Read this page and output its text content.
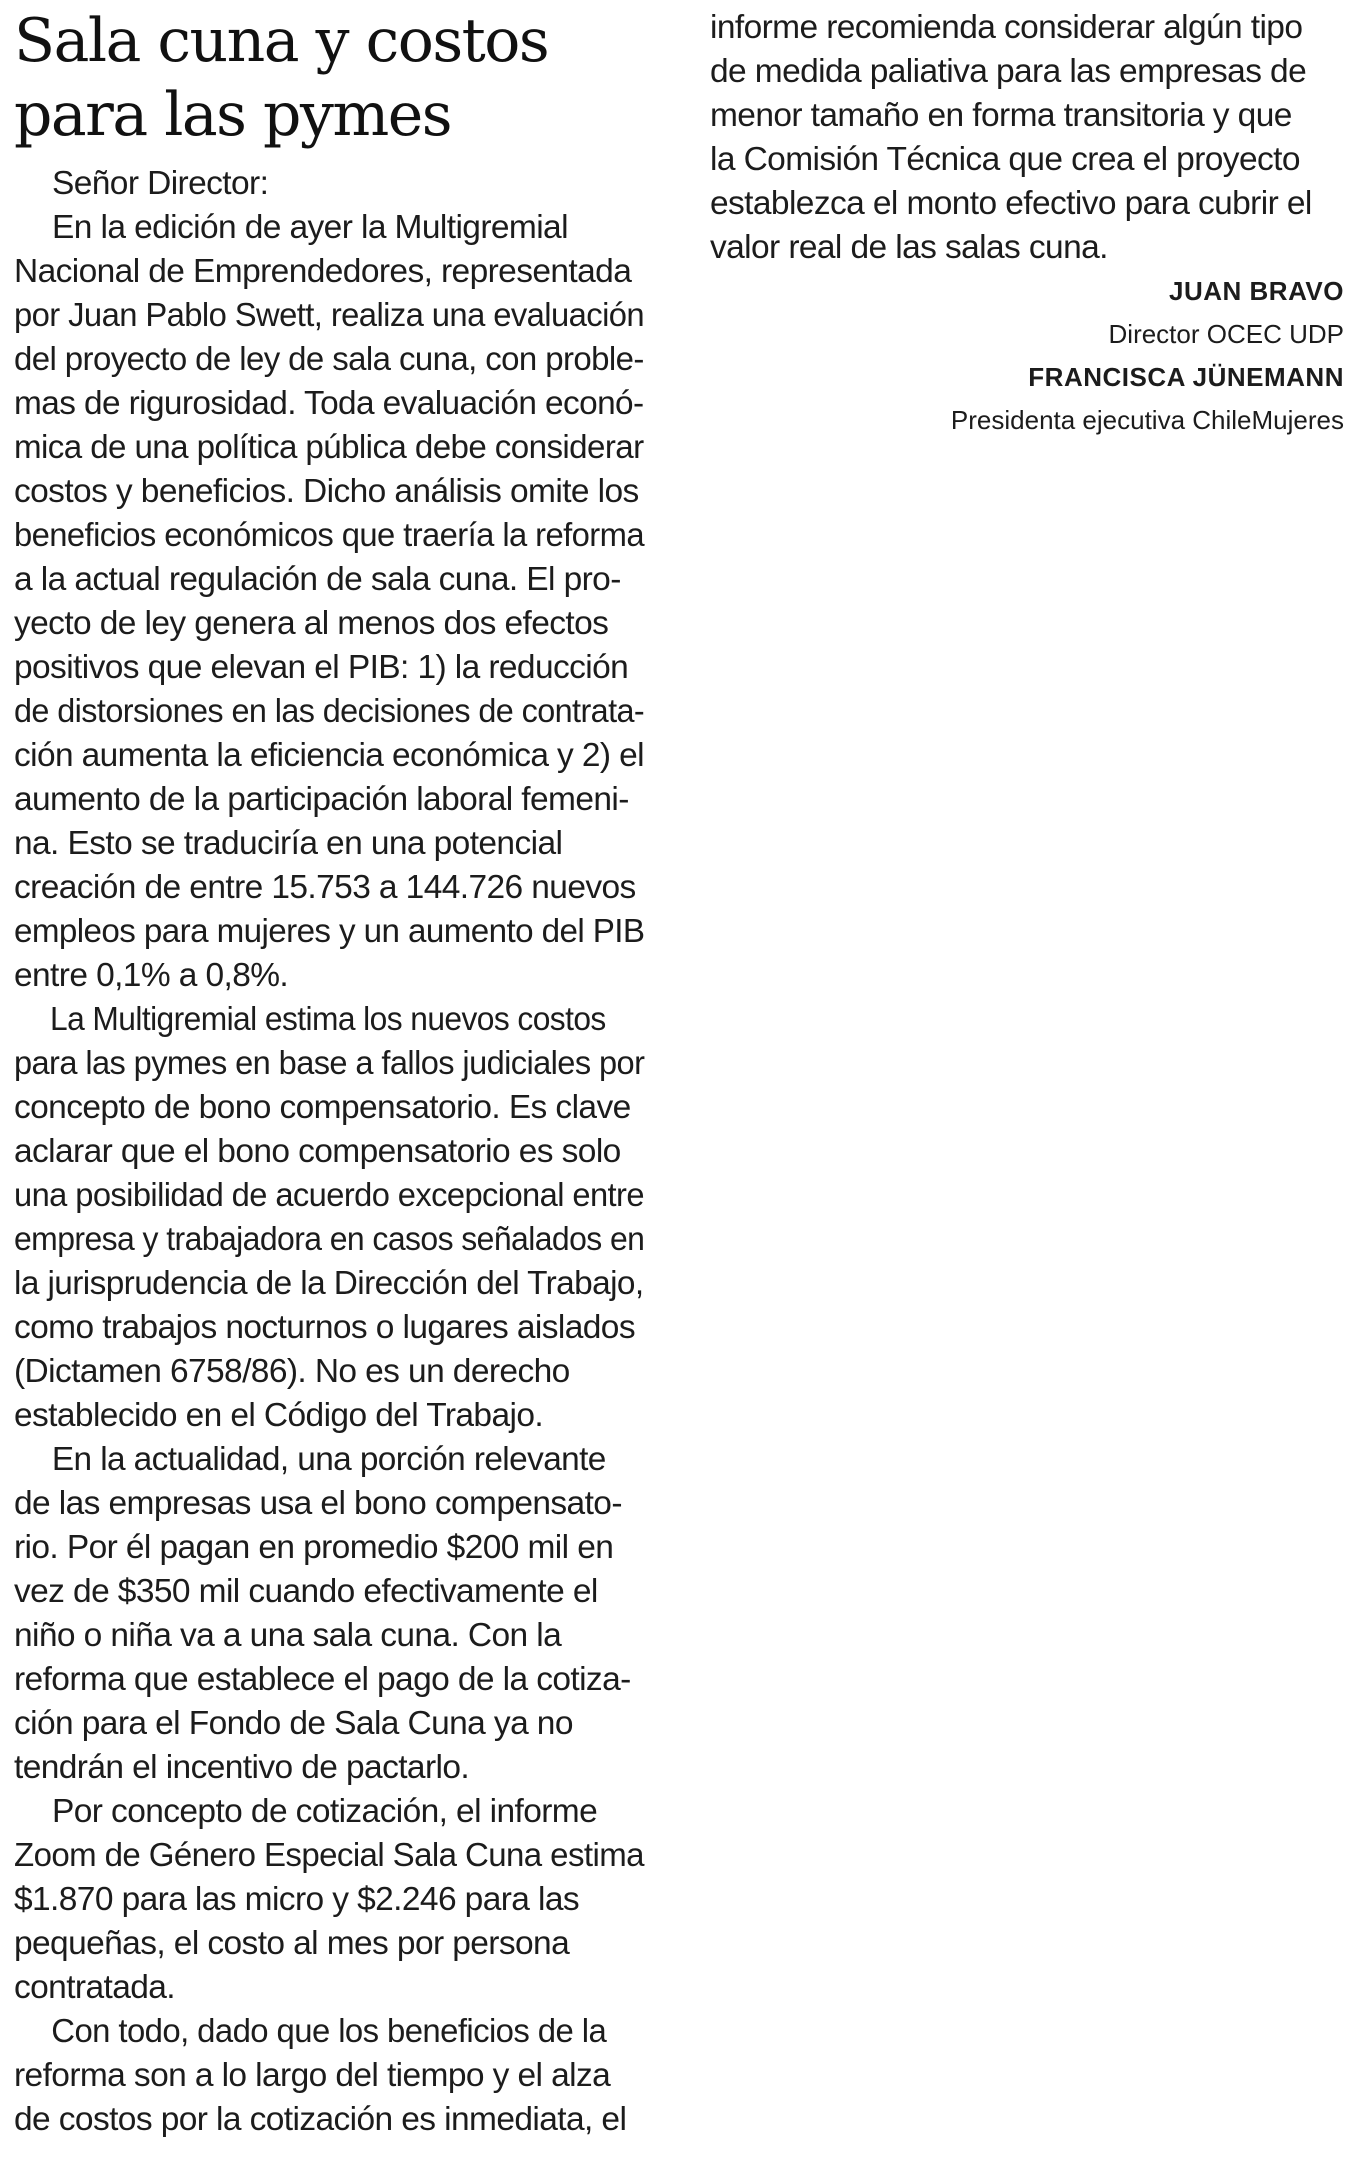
Sala cuna y costos
para las pymes

Señor Director:

En la edición de ayer la Multigremial
Nacional de Emprendedores, representada
por Juan Pablo Swett, realiza una evaluación
del proyecto de ley de sala cuna, con proble-
mas de rigurosidad. Toda evaluación econó-
mica de una política pública debe considerar
costos y beneficios. Dicho análisis omite los
beneficios económicos que traería la reforma
a la actual regulación de sala cuna. El pro-
yecto de ley genera al menos dos efectos
positivos que elevan el PIB: 1) la reducción
de distorsiones en las decisiones de contrata-
ción aumenta la eficiencia económica y 2) el
aumento de la participación laboral femeni-
na. Esto se traduciría en una potencial
creación de entre 15.753 a 144.726 nuevos
empleos para mujeres y un aumento del PIB
entre 0,1% a 0,8%.

La Multigremial estima los nuevos costos
para las pymes en base a fallos judiciales por
concepto de bono compensatorio. Es clave
aclarar que el bono compensatorio es solo
una posibilidad de acuerdo excepcional entre
empresa y trabajadora en casos señalados en
la jurisprudencia de la Dirección del Trabajo,
como trabajos nocturnos o lugares aislados
(Dictamen 6758/86). No es un derecho
establecido en el Código del Trabajo.

En la actualidad, una porción relevante
de las empresas usa el bono compensato-
rio. Por él pagan en promedio $200 mil en
vez de $350 mil cuando efectivamente el
niño o niña va a una sala cuna. Con la
reforma que establece el pago de la cotiza-
ción para el Fondo de Sala Cuna ya no
tendrán el incentivo de pactarlo.

Por concepto de cotización, el informe
Zoom de Género Especial Sala Cuna estima
$1.870 para las micro y $2.246 para las
pequeñas, el costo al mes por persona
contratada.

Con todo, dado que los beneficios de la
reforma son a lo largo del tiempo y el alza
de costos por la cotización es inmediata, el

informe recomienda considerar algún tipo
de medida paliativa para las empresas de
menor tamaño en forma transitoria y que
la Comisión Técnica que crea el proyecto
establezca el monto efectivo para cubrir el
valor real de las salas cuna.

JUAN BRAVO
Director OCEC UDP
FRANCISCA JÜNEMANN
Presidenta ejecutiva ChileMujeres
